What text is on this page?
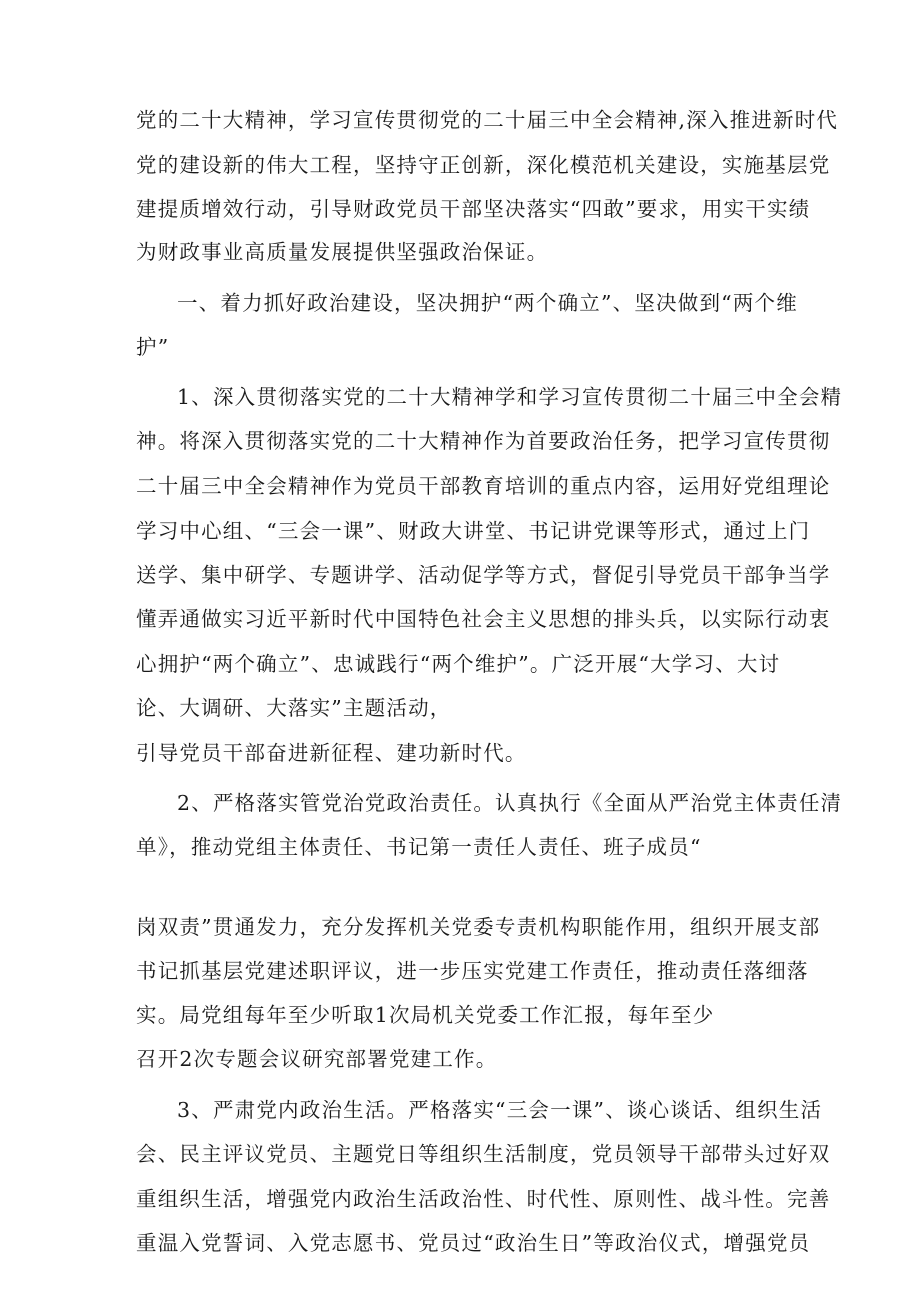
党的二十大精神，学习宣传贯彻党的二十届三中全会精神,深入推进新时代
党的建设新的伟大工程，坚持守正创新，深化模范机关建设，实施基层党
建提质增效行动，引导财政党员干部坚决落实“四敢”要求，用实干实绩
为财政事业高质量发展提供坚强政治保证。
一、着力抓好政治建设，坚决拥护“两个确立”、坚决做到“两个维
护”
1、深入贯彻落实党的二十大精神学和学习宣传贯彻二十届三中全会精
神。将深入贯彻落实党的二十大精神作为首要政治任务，把学习宣传贯彻
二十届三中全会精神作为党员干部教育培训的重点内容，运用好党组理论
学习中心组、“三会一课”、财政大讲堂、书记讲党课等形式，通过上门
送学、集中研学、专题讲学、活动促学等方式，督促引导党员干部争当学
懂弄通做实习近平新时代中国特色社会主义思想的排头兵，以实际行动衷
心拥护“两个确立”、忠诚践行“两个维护”。广泛开展“大学习、大讨
论、大调研、大落实”主题活动，
引导党员干部奋进新征程、建功新时代。
2、严格落实管党治党政治责任。认真执行《全面从严治党主体责任清
单》，推动党组主体责任、书记第一责任人责任、班子成员“
岗双责”贯通发力，充分发挥机关党委专责机构职能作用，组织开展支部
书记抓基层党建述职评议，进一步压实党建工作责任，推动责任落细落
实。局党组每年至少听取1次局机关党委工作汇报，每年至少
召开2次专题会议研究部署党建工作。
3、严肃党内政治生活。严格落实“三会一课”、谈心谈话、组织生活
会、民主评议党员、主题党日等组织生活制度，党员领导干部带头过好双
重组织生活，增强党内政治生活政治性、时代性、原则性、战斗性。完善
重温入党誓词、入党志愿书、党员过“政治生日”等政治仪式，增强党员
